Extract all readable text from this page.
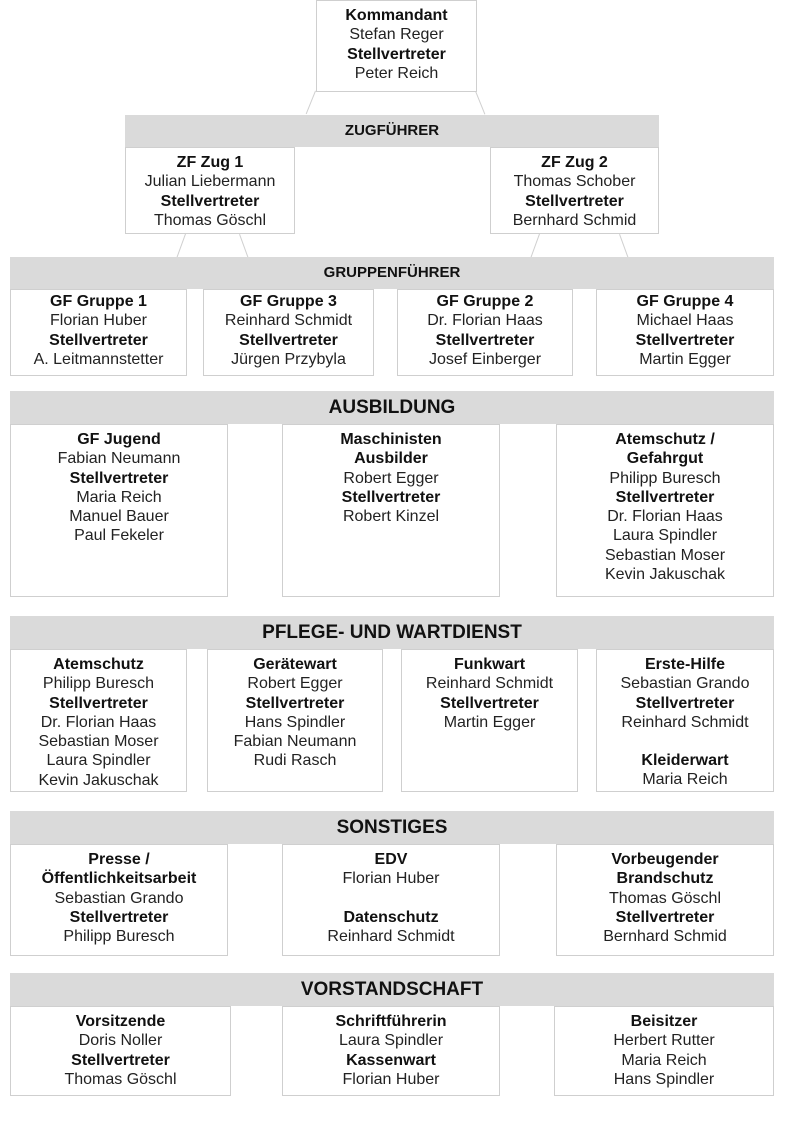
Kommandant
Stefan Reger
Stellvertreter
Peter Reich
ZUGFÜHRER
ZF Zug 1
Julian Liebermann
Stellvertreter
Thomas Göschl
ZF Zug 2
Thomas Schober
Stellvertreter
Bernhard Schmid
GRUPPENFÜHRER
GF Gruppe 1
Florian Huber
Stellvertreter
A. Leitmannstetter
GF Gruppe 3
Reinhard Schmidt
Stellvertreter
Jürgen Przybyla
GF Gruppe 2
Dr. Florian Haas
Stellvertreter
Josef Einberger
GF Gruppe 4
Michael Haas
Stellvertreter
Martin Egger
AUSBILDUNG
GF Jugend
Fabian Neumann
Stellvertreter
Maria Reich
Manuel Bauer
Paul Fekeler
Maschinisten
Ausbilder
Robert Egger
Stellvertreter
Robert Kinzel
Atemschutz /
Gefahrgut
Philipp Buresch
Stellvertreter
Dr. Florian Haas
Laura Spindler
Sebastian Moser
Kevin Jakuschak
PFLEGE- UND WARTDIENST
Atemschutz
Philipp Buresch
Stellvertreter
Dr. Florian Haas
Sebastian Moser
Laura Spindler
Kevin Jakuschak
Gerätewart
Robert Egger
Stellvertreter
Hans Spindler
Fabian Neumann
Rudi Rasch
Funkwart
Reinhard Schmidt
Stellvertreter
Martin Egger
Erste-Hilfe
Sebastian Grando
Stellvertreter
Reinhard Schmidt
Kleiderwart
Maria Reich
SONSTIGES
Presse /
Öffentlichkeitsarbeit
Sebastian Grando
Stellvertreter
Philipp Buresch
EDV
Florian Huber
Datenschutz
Reinhard Schmidt
Vorbeugender
Brandschutz
Thomas Göschl
Stellvertreter
Bernhard Schmid
VORSTANDSCHAFT
Vorsitzende
Doris Noller
Stellvertreter
Thomas Göschl
Schriftführerin
Laura Spindler
Kassenwart
Florian Huber
Beisitzer
Herbert Rutter
Maria Reich
Hans Spindler
